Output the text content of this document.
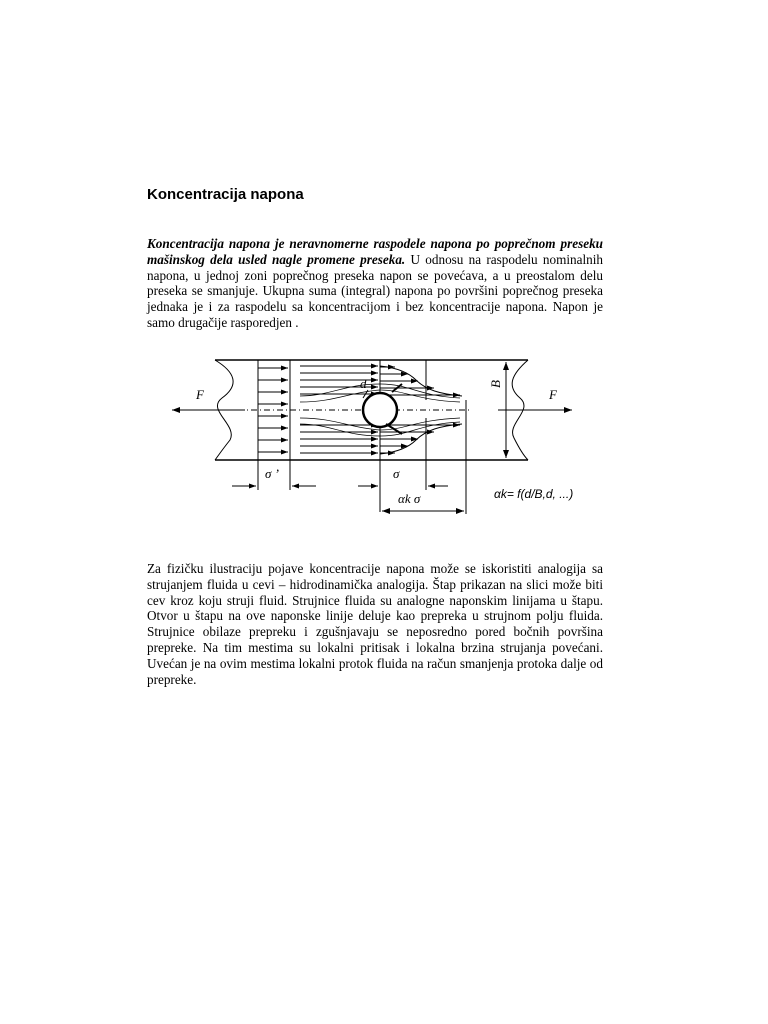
Koncentracija napona
Koncentracija napona je neravnomerne raspodele napona po poprečnom preseku mašinskog dela usled nagle promene preseka. U odnosu na raspodelu nominalnih napona, u jednoj zoni poprečnog preseka napon se povećava, a u preostalom delu preseka se smanjuje. Ukupna suma (integral) napona po površini poprečnog preseka jednaka je i za raspodelu sa koncentracijom i bez koncentracije napona. Napon je samo drugačije rasporedjen .
F	F
d	B
σ ’	σ
αk σ	αk= f(d/B,d, ...)
Za fizičku ilustraciju pojave koncentracije napona može se iskoristiti analogija sa strujanjem fluida u cevi – hidrodinamička analogija. Štap prikazan na slici može biti cev kroz koju struji fluid. Strujnice fluida su analogne naponskim linijama u štapu. Otvor u štapu na ove naponske linije deluje kao prepreka u strujnom polju fluida. Strujnice obilaze prepreku i zgušnjavaju se neposredno pored bočnih površina prepreke. Na tim mestima su lokalni pritisak i lokalna brzina strujanja povećani. Uvećan je na ovim mestima lokalni protok fluida na račun smanjenja protoka dalje od prepreke.
